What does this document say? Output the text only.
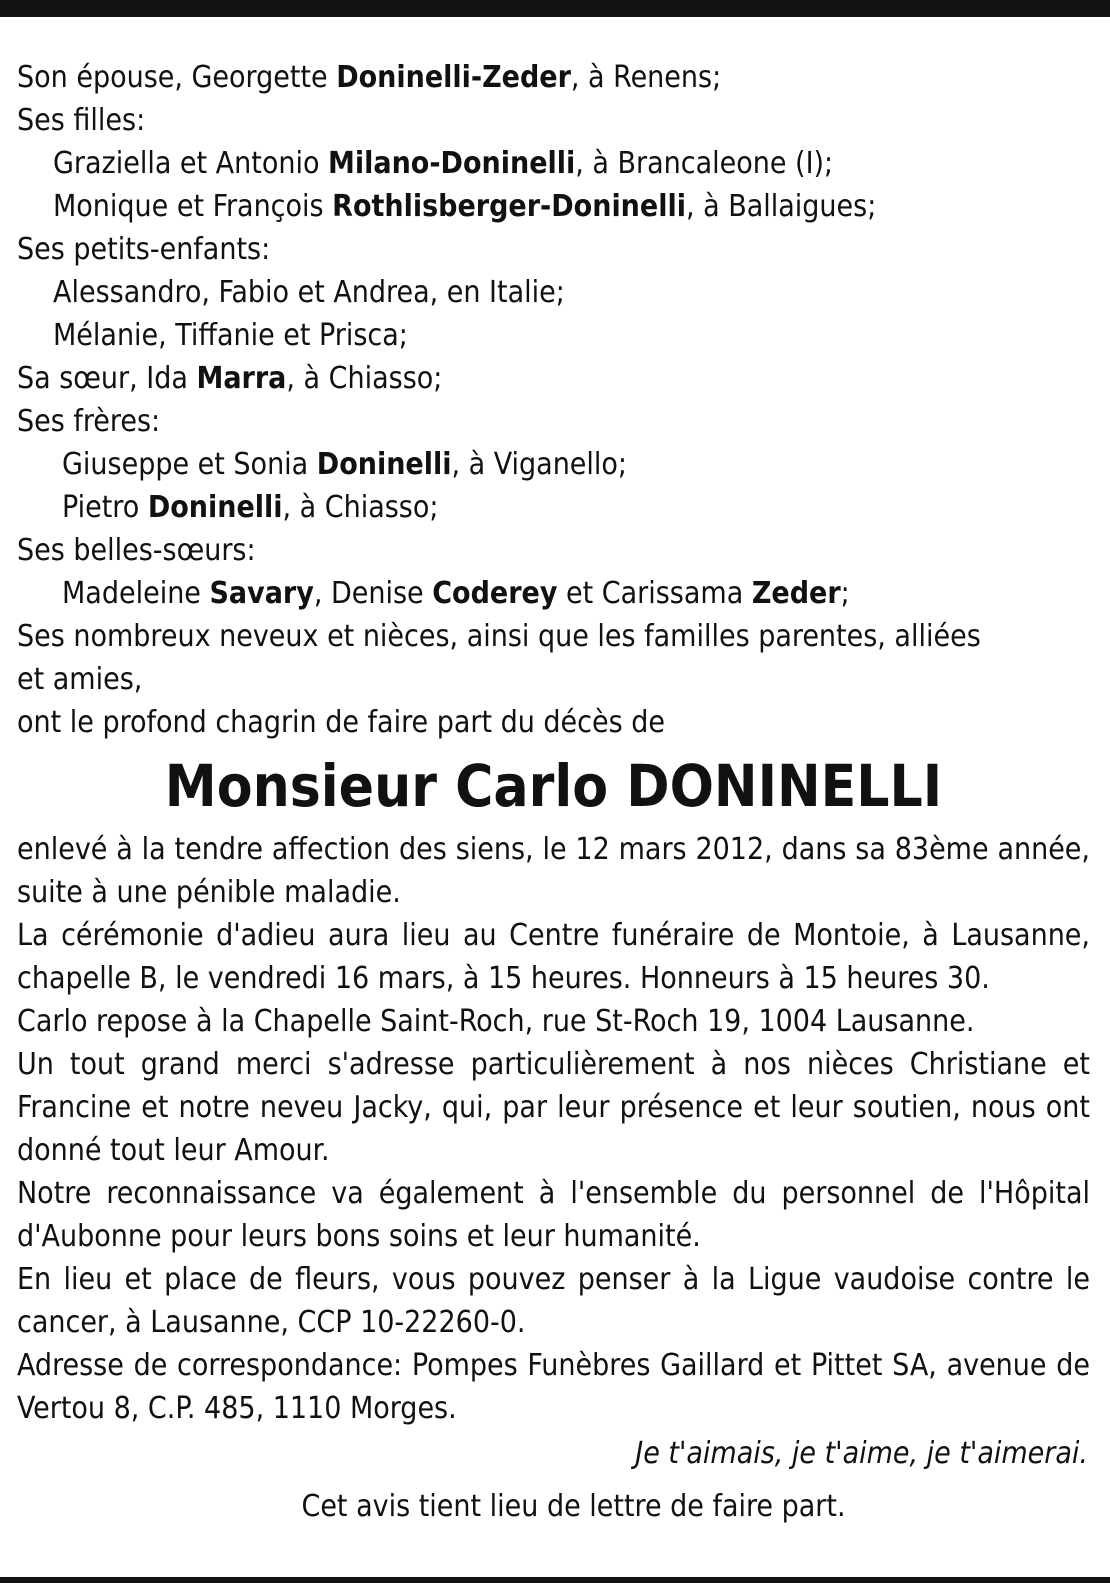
Son épouse, Georgette Doninelli-Zeder, à Renens;
Ses filles:
Graziella et Antonio Milano-Doninelli, à Brancaleone (I);
Monique et François Rothlisberger-Doninelli, à Ballaigues;
Ses petits-enfants:
Alessandro, Fabio et Andrea, en Italie;
Mélanie, Tiffanie et Prisca;
Sa sœur, Ida Marra, à Chiasso;
Ses frères:
Giuseppe et Sonia Doninelli, à Viganello;
Pietro Doninelli, à Chiasso;
Ses belles-sœurs:
Madeleine Savary, Denise Coderey et Carissama Zeder;
Ses nombreux neveux et nièces, ainsi que les familles parentes, alliées
et amies,
ont le profond chagrin de faire part du décès de
Monsieur Carlo DONINELLI
enlevé à la tendre affection des siens, le 12 mars 2012, dans sa 83ème année, suite à une pénible maladie.
La cérémonie d'adieu aura lieu au Centre funéraire de Montoie, à Lausanne, chapelle B, le vendredi 16 mars, à 15 heures. Honneurs à 15 heures 30.
Carlo repose à la Chapelle Saint-Roch, rue St-Roch 19, 1004 Lausanne.
Un tout grand merci s'adresse particulièrement à nos nièces Christiane et Francine et notre neveu Jacky, qui, par leur présence et leur soutien, nous ont donné tout leur Amour.
Notre reconnaissance va également à l'ensemble du personnel de l'Hôpital d'Aubonne pour leurs bons soins et leur humanité.
En lieu et place de fleurs, vous pouvez penser à la Ligue vaudoise contre le cancer, à Lausanne, CCP 10-22260-0.
Adresse de correspondance: Pompes Funèbres Gaillard et Pittet SA, avenue de Vertou 8, C.P. 485, 1110 Morges.
Je t'aimais, je t'aime, je t'aimerai.
Cet avis tient lieu de lettre de faire part.
